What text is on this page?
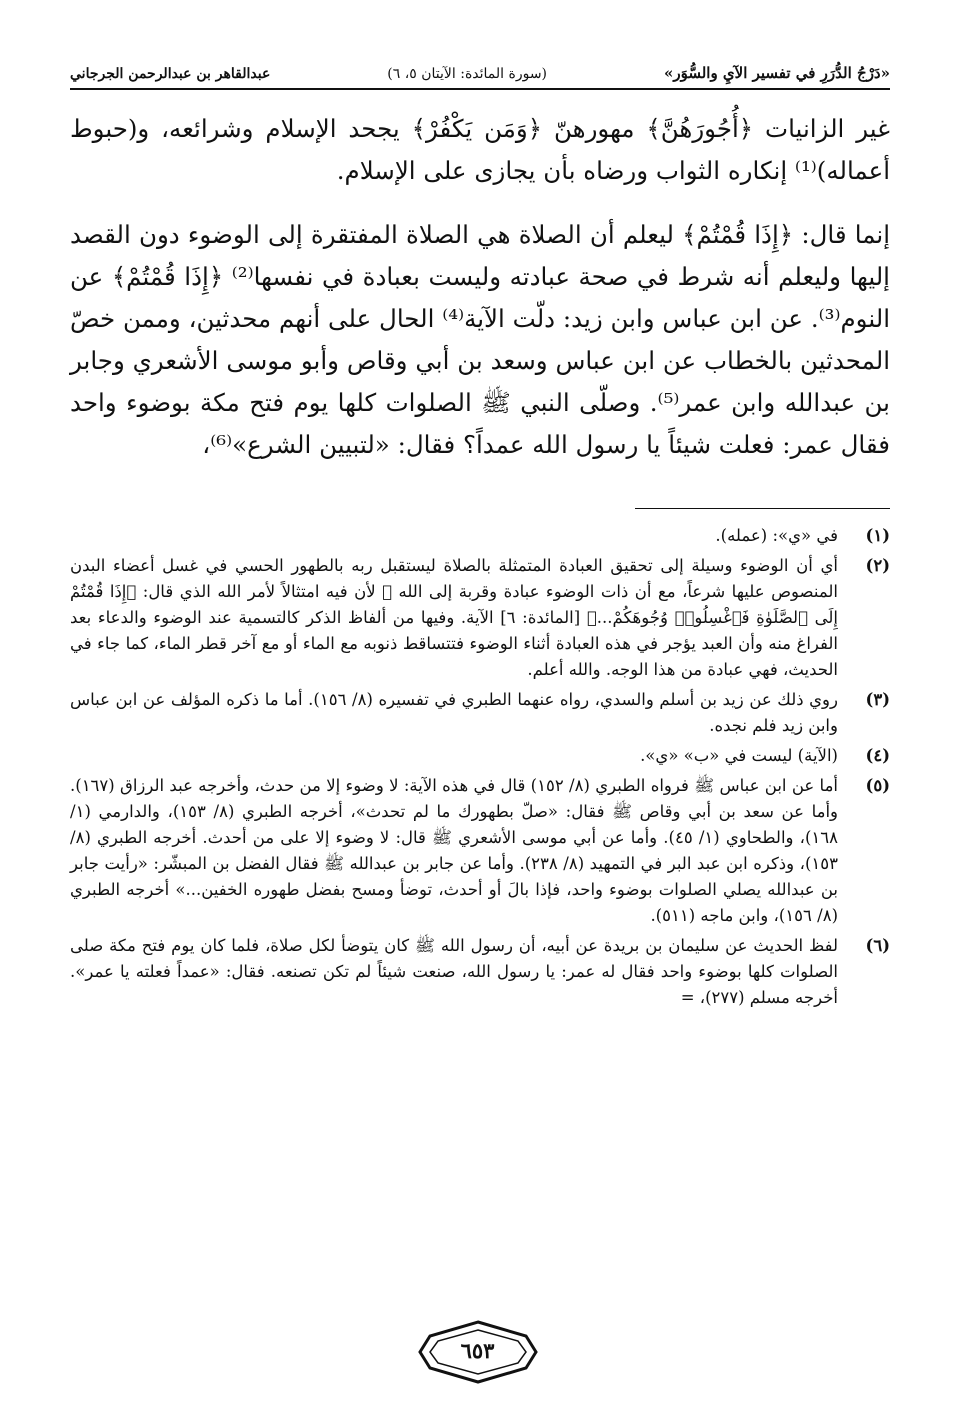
«دَرْجُ الدُّرَرِ في تفسير الآيِ والسُّوَر»
(سورة المائدة: الآيتان ٥، ٦)
عبدالقاهر بن عبدالرحمن الجرجاني

غير الزانيات ﴿أُجُورَهُنَّ﴾ مهورهنّ ﴿وَمَن يَكْفُرْ﴾ يجحد الإسلام وشرائعه، و(حبوط أعماله)⁽¹⁾ إنكاره الثواب ورضاه بأن يجازى على الإسلام.

إنما قال: ﴿إِذَا قُمْتُمْ﴾ ليعلم أن الصلاة هي الصلاة المفتقرة إلى الوضوء دون القصد إليها وليعلم أنه شرط في صحة عبادته وليست بعبادة في نفسها⁽²⁾ ﴿إِذَا قُمْتُمْ﴾ عن النوم⁽³⁾. عن ابن عباس وابن زيد: دلّت الآية⁽⁴⁾ الحال على أنهم محدثين، وممن خصّ المحدثين بالخطاب عن ابن عباس وسعد بن أبي وقاص وأبو موسى الأشعري وجابر بن عبدالله وابن عمر⁽⁵⁾. وصلّى النبي ﷺ الصلوات كلها يوم فتح مكة بوضوء واحد فقال عمر: فعلت شيئاً يا رسول الله عمداً؟ فقال: «لتبيين الشرع»⁽⁶⁾،

(١)
في «ي»: (عمله).
(٢)
أي أن الوضوء وسيلة إلى تحقيق العبادة المتمثلة بالصلاة ليستقبل ربه بالطهور الحسي في غسل أعضاء البدن المنصوص عليها شرعاً، مع أن ذات الوضوء عبادة وقربة إلى الله ﷻ لأن فيه امتثالاً لأمر الله الذي قال: ﴿إِذَا قُمْتُمْ إِلَى ٱلصَّلَوٰةِ فَٱغْسِلُوا۟ وُجُوهَكُمْ...﴾ [المائدة: ٦] الآية. وفيها من ألفاظ الذكر كالتسمية عند الوضوء والدعاء بعد الفراغ منه وأن العبد يؤجر في هذه العبادة أثناء الوضوء فتتساقط ذنوبه مع الماء أو مع آخر قطر الماء، كما جاء في الحديث، فهي عبادة من هذا الوجه. والله أعلم.
(٣)
روي ذلك عن زيد بن أسلم والسدي، رواه عنهما الطبري في تفسيره (٨/ ١٥٦). أما ما ذكره المؤلف عن ابن عباس وابن زيد فلم نجده.
(٤)
(الآية) ليست في «ب» «ي».
(٥)
أما عن ابن عباس ﷺ فرواه الطبري (٨/ ١٥٢) قال في هذه الآية: لا وضوء إلا من حدث، وأخرجه عبد الرزاق (١٦٧). وأما عن سعد بن أبي وقاص ﷺ فقال: «صلّ بطهورك ما لم تحدث»، أخرجه الطبري (٨/ ١٥٣)، والدارمي (١/ ١٦٨)، والطحاوي (١/ ٤٥). وأما عن أبي موسى الأشعري ﷺ قال: لا وضوء إلا على من أحدث. أخرجه الطبري (٨/ ١٥٣)، وذكره ابن عبد البر في التمهيد (٨/ ٢٣٨). وأما عن جابر بن عبدالله ﷺ فقال الفضل بن المبشّر: «رأيت جابر بن عبدالله يصلي الصلوات بوضوء واحد، فإذا بالَ أو أحدث، توضأ ومسح بفضل طهوره الخفين...» أخرجه الطبري (٨/ ١٥٦)، وابن ماجه (٥١١).
(٦)
لفظ الحديث عن سليمان بن بريدة عن أبيه، أن رسول الله ﷺ كان يتوضأ لكل صلاة، فلما كان يوم فتح مكة صلى الصلوات كلها بوضوء واحد فقال له عمر: يا رسول الله، صنعت شيئاً لم تكن تصنعه. فقال: «عمداً فعلته يا عمر». أخرجه مسلم (٢٧٧)، =
٦٥٣
